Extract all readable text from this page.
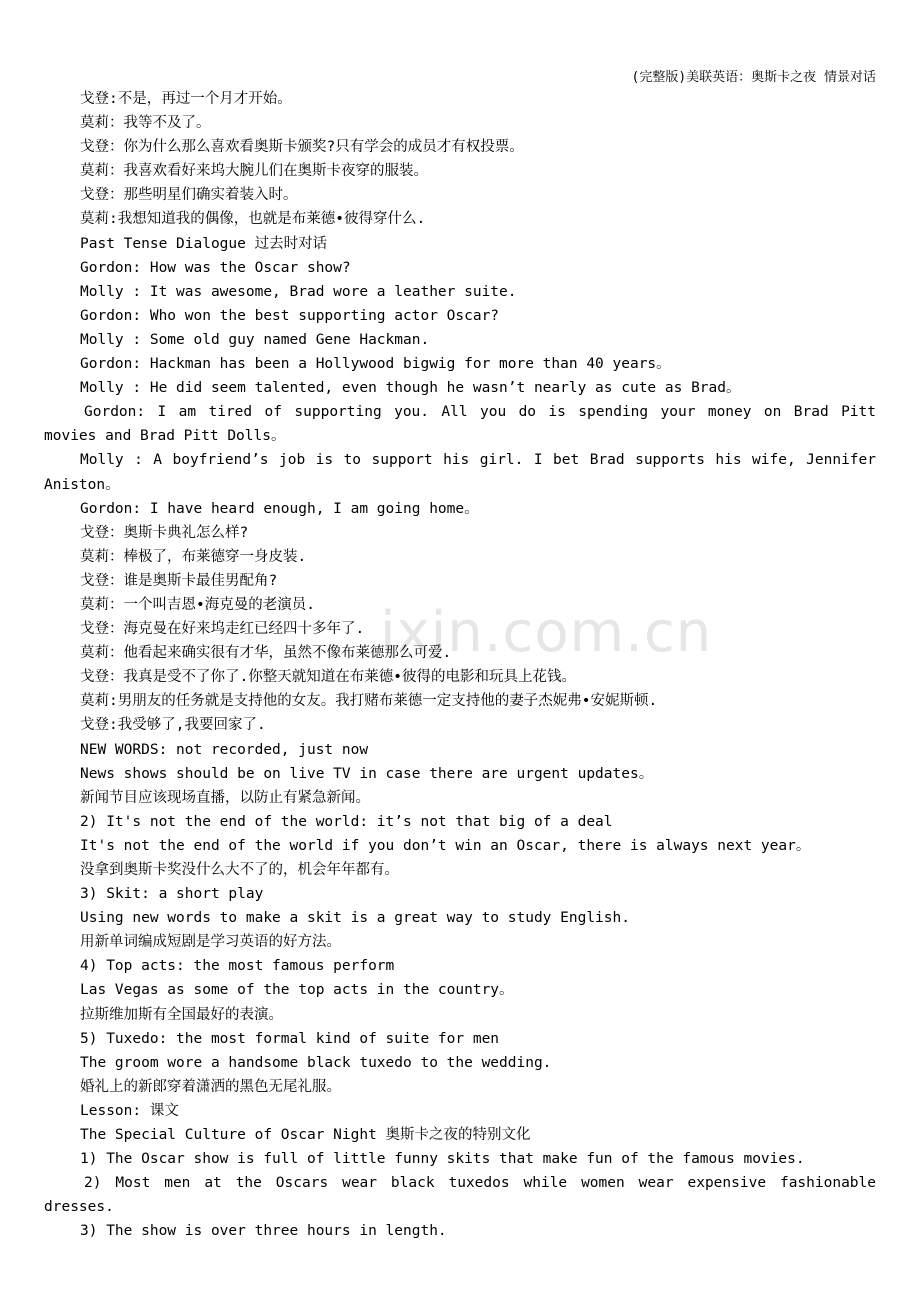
(完整版)美联英语：奥斯卡之夜 情景对话
ixin.com.cn
戈登:不是，再过一个月才开始。
莫莉：我等不及了。
戈登：你为什么那么喜欢看奥斯卡颁奖?只有学会的成员才有权投票。
莫莉：我喜欢看好来坞大腕儿们在奥斯卡夜穿的服装。
戈登：那些明星们确实着装入时。
莫莉:我想知道我的偶像，也就是布莱德•彼得穿什么.
Past Tense Dialogue 过去时对话
Gordon: How was the Oscar show?
Molly : It was awesome, Brad wore a leather suite.
Gordon: Who won the best supporting actor Oscar?
Molly : Some old guy named Gene Hackman.
Gordon: Hackman has been a Hollywood bigwig for more than 40 years。
Molly : He did seem talented, even though he wasn’t nearly as cute as Brad。
Gordon: I am tired of supporting you. All you do is spending your money on Brad Pitt
movies and Brad Pitt Dolls。
Molly : A boyfriend’s job is to support his girl. I bet Brad supports his wife, Jennifer
Aniston。
Gordon: I have heard enough, I am going home。
戈登：奥斯卡典礼怎么样?
莫莉：棒极了，布莱德穿一身皮装.
戈登：谁是奥斯卡最佳男配角?
莫莉：一个叫吉恩•海克曼的老演员.
戈登：海克曼在好来坞走红已经四十多年了.
莫莉：他看起来确实很有才华，虽然不像布莱德那么可爱.
戈登：我真是受不了你了.你整天就知道在布莱德•彼得的电影和玩具上花钱。
莫莉:男朋友的任务就是支持他的女友。我打赌布莱德一定支持他的妻子杰妮弗•安妮斯顿.
戈登:我受够了,我要回家了.
NEW WORDS: not recorded, just now
News shows should be on live TV in case there are urgent updates。
新闻节目应该现场直播，以防止有紧急新闻。
2) It's not the end of the world: it’s not that big of a deal
It's not the end of the world if you don’t win an Oscar, there is always next year。
没拿到奥斯卡奖没什么大不了的，机会年年都有。
3) Skit: a short play
Using new words to make a skit is a great way to study English.
用新单词编成短剧是学习英语的好方法。
4) Top acts: the most famous perform
Las Vegas as some of the top acts in the country。
拉斯维加斯有全国最好的表演。
5) Tuxedo: the most formal kind of suite for men
The groom wore a handsome black tuxedo to the wedding.
婚礼上的新郎穿着潇洒的黑色无尾礼服。
Lesson: 课文
The Special Culture of Oscar Night 奥斯卡之夜的特别文化
1) The Oscar show is full of little funny skits that make fun of the famous movies.
2) Most men at the Oscars wear black tuxedos while women wear expensive fashionable
dresses.
3) The show is over three hours in length.
